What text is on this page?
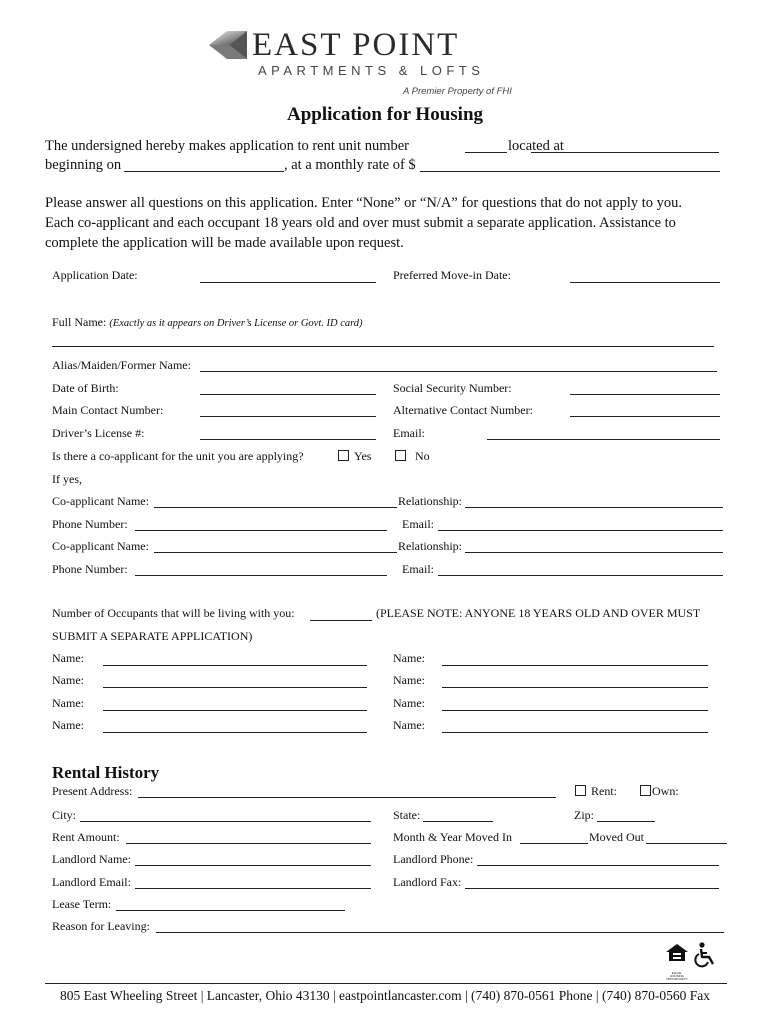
EAST POINT
APARTMENTS & LOFTS
A Premier Property of FHI
Application for Housing
The undersigned hereby makes application to rent unit number	located at
beginning on	, at a monthly rate of $
Please answer all questions on this application. Enter “None” or “N/A” for questions that do not apply to you.
Each co-applicant and each occupant 18 years old and over must submit a separate application. Assistance to
complete the application will be made available upon request.
Application Date:	Preferred Move-in Date:
Full Name: (Exactly as it appears on Driver’s License or Govt. ID card)
Alias/Maiden/Former Name:
Date of Birth:	Social Security Number:
Main Contact Number:	Alternative Contact Number:
Driver’s License #:	Email:
Is there a co-applicant for the unit you are applying?	Yes	No
If yes,
Co-applicant Name:	Relationship:
Phone Number:	Email:
Co-applicant Name:	Relationship:
Phone Number:	Email:
Number of Occupants that will be living with you:	(PLEASE NOTE: ANYONE 18 YEARS OLD AND OVER MUST
SUBMIT A SEPARATE APPLICATION)
Name:	Name:
Name:	Name:
Name:	Name:
Name:	Name:
Rental History
Present Address:	Rent:	Own:
City:	State:	Zip:
Rent Amount:	Month & Year Moved In	Moved Out
Landlord Name:	Landlord Phone:
Landlord Email:	Landlord Fax:
Lease Term:
Reason for Leaving:
EQUAL HOUSING OPPORTUNITY
805 East Wheeling Street | Lancaster, Ohio 43130 | eastpointlancaster.com | (740) 870-0561 Phone | (740) 870-0560 Fax
